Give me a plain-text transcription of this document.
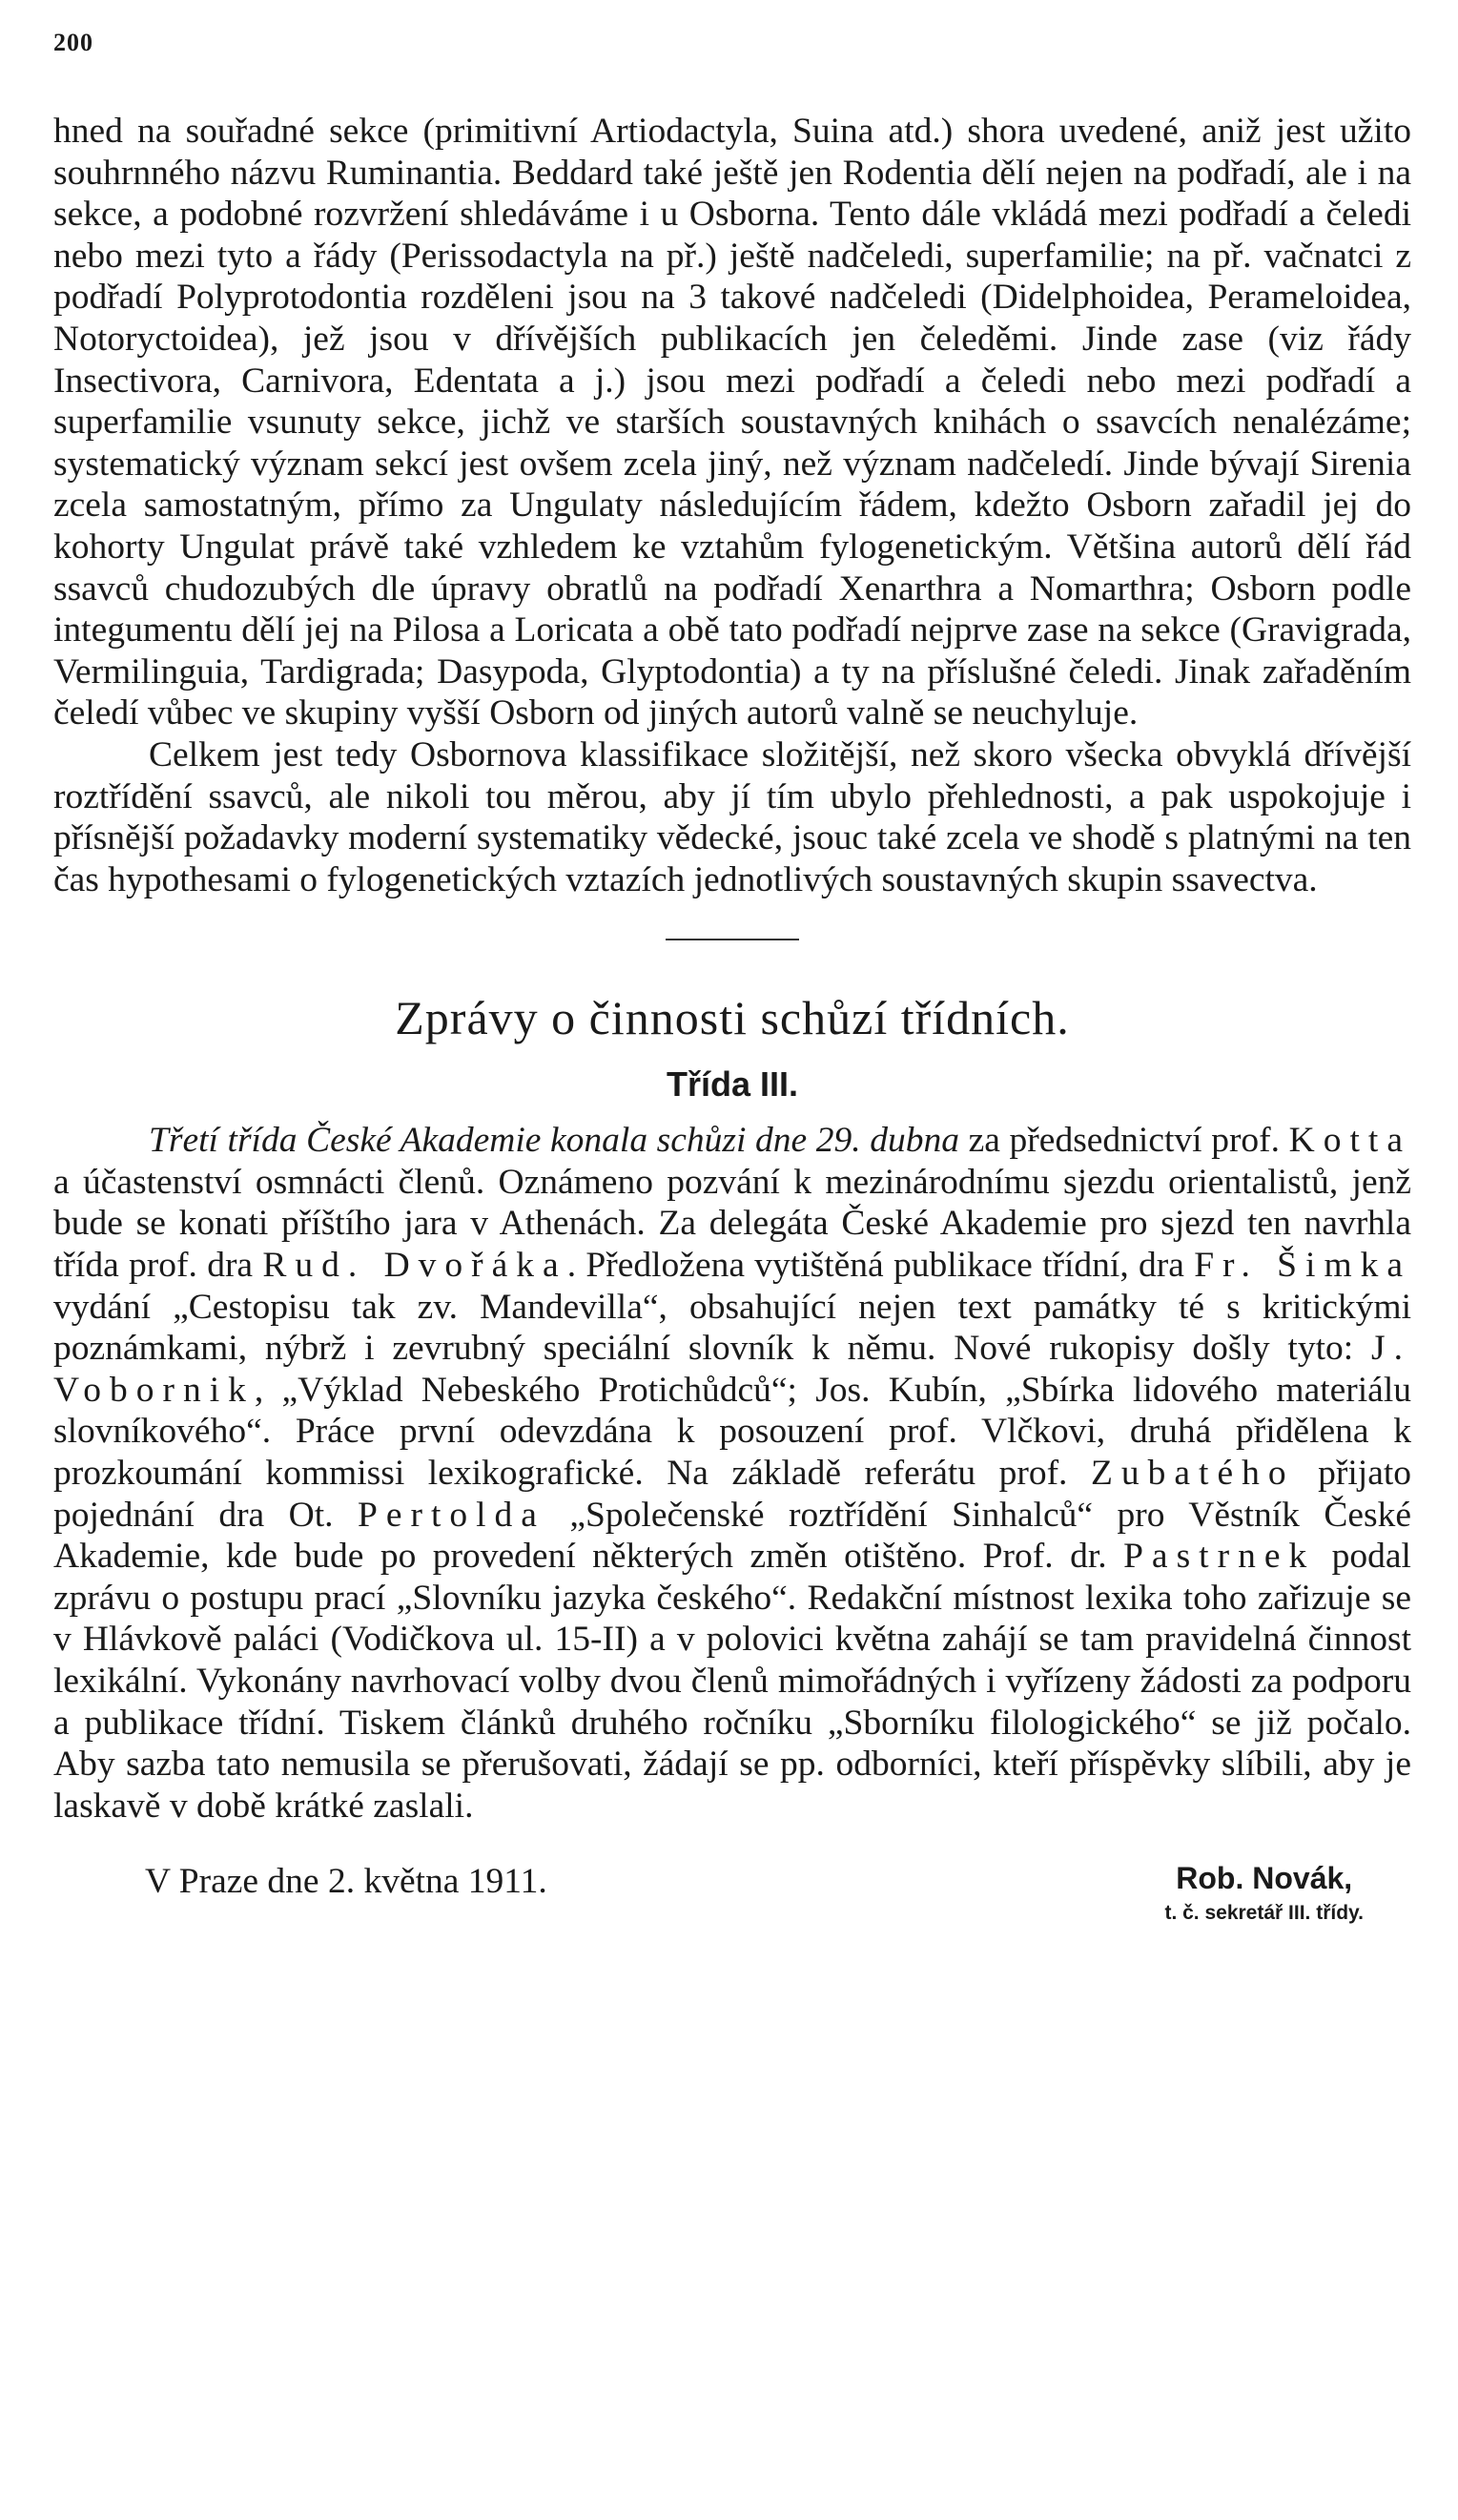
200

hned na souřadné sekce (primitivní Artiodactyla, Suina atd.) shora uvedené, aniž jest užito souhrnného názvu Ruminantia. Beddard také ještě jen Rodentia dělí nejen na podřadí, ale i na sekce, a podobné rozvržení shledáváme i u Osborna. Tento dále vkládá mezi podřadí a čeledi nebo mezi tyto a řády (Perissodactyla na př.) ještě nadčeledi, superfamilie; na př. vačnatci z podřadí Polyprotodontia rozděleni jsou na 3 takové nadčeledi (Didelphoidea, Perameloidea, Notoryctoidea), jež jsou v dřívějších publikacích jen čeleděmi. Jinde zase (viz řády Insectivora, Carnivora, Edentata a j.) jsou mezi podřadí a čeledi nebo mezi podřadí a superfamilie vsunuty sekce, jichž ve starších soustavných knihách o ssavcích nenalézáme; systematický význam sekcí jest ovšem zcela jiný, než význam nadčeledí. Jinde bývají Sirenia zcela samostatným, přímo za Ungulaty následujícím řádem, kdežto Osborn zařadil jej do kohorty Ungulat právě také vzhledem ke vztahům fylogenetickým. Většina autorů dělí řád ssavců chudozubých dle úpravy obratlů na podřadí Xenarthra a Nomarthra; Osborn podle integumentu dělí jej na Pilosa a Loricata a obě tato podřadí nejprve zase na sekce (Gravigrada, Vermilinguia, Tardigrada; Dasypoda, Glyptodontia) a ty na příslušné čeledi. Jinak zařaděním čeledí vůbec ve skupiny vyšší Osborn od jiných autorů valně se neuchyluje.

Celkem jest tedy Osbornova klassifikace složitější, než skoro všecka obvyklá dřívější roztřídění ssavců, ale nikoli tou měrou, aby jí tím ubylo přehlednosti, a pak uspokojuje i přísnější požadavky moderní systematiky vědecké, jsouc také zcela ve shodě s platnými na ten čas hypothesami o fylogenetických vztazích jednotlivých soustavných skupin ssavectva.

Zprávy o činnosti schůzí třídních.
Třída III.

Třetí třída České Akademie konala schůzi dne 29. dubna za předsednictví prof. Kotta a účastenství osmnácti členů. Oznámeno pozvání k mezinárodnímu sjezdu orientalistů, jenž bude se konati příštího jara v Athenách. Za delegáta České Akademie pro sjezd ten navrhla třída prof. dra Rud. Dvořáka. Předložena vytištěná publikace třídní, dra Fr. Šimka vydání „Cestopisu tak zv. Mandevilla“, obsahující nejen text památky té s kritickými poznámkami, nýbrž i zevrubný speciální slovník k němu. Nové rukopisy došly tyto: J. Vobornik, „Výklad Nebeského Protichůdců“; Jos. Kubín, „Sbírka lidového materiálu slovníkového“. Práce první odevzdána k posouzení prof. Vlčkovi, druhá přidělena k prozkoumání kommissi lexikografické. Na základě referátu prof. Zubatého přijato pojednání dra Ot. Pertolda „Společenské roztřídění Sinhalců“ pro Věstník České Akademie, kde bude po provedení některých změn otištěno. Prof. dr. Pastrnek podal zprávu o postupu prací „Slovníku jazyka českého“. Redakční místnost lexika toho zařizuje se v Hlávkově paláci (Vodičkova ul. 15-II) a v polovici května zahájí se tam pravidelná činnost lexikální. Vykonány navrhovací volby dvou členů mimořádných i vyřízeny žádosti za podporu a publikace třídní. Tiskem článků druhého ročníku „Sborníku filologického“ se již počalo. Aby sazba tato nemusila se přerušovati, žádají se pp. odborníci, kteří příspěvky slíbili, aby je laskavě v době krátké zaslali.

V Praze dne 2. května 1911.	Rob. Novák,
t. č. sekretář III. třídy.
